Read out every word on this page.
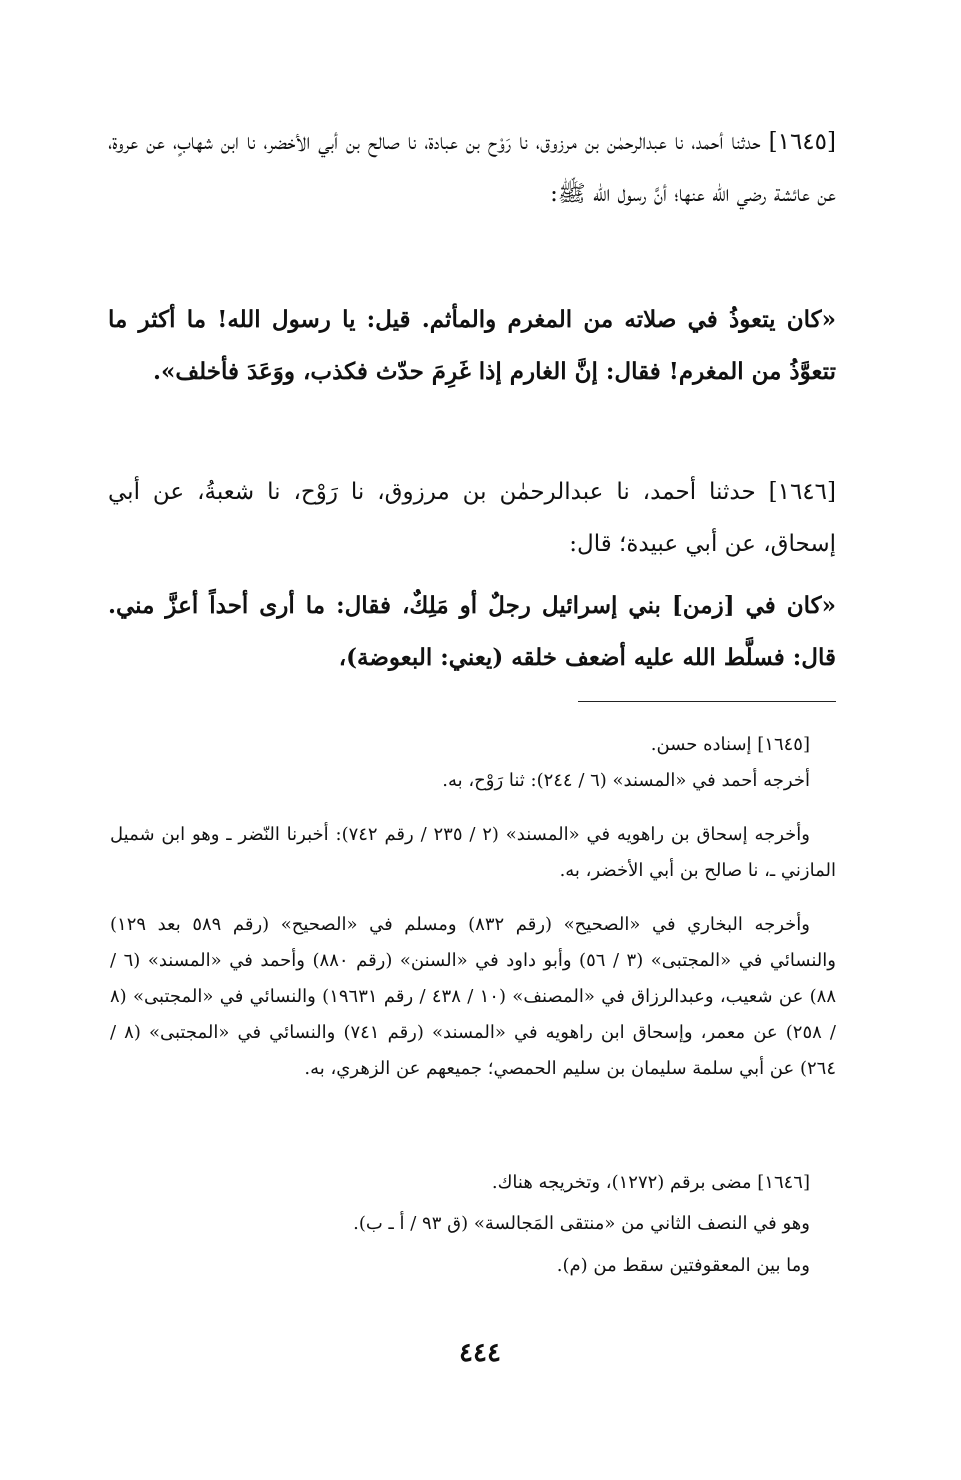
[١٦٤٥] حدثنا أحمد، نا عبدالرحمٰن بن مرزوق، نا رَوْح بن عبادة، نا صالح بن أبي الأخضر، نا ابن شهابٍ، عن عروة، عن عائشة رضي الله عنها؛ أنَّ رسول الله ﷺ:

«كان يتعوذُ في صلاته من المغرم والمأثم. قيل: يا رسول الله! ما أكثر ما تتعوَّذُ من المغرم! فقال: إنَّ الغارم إذا غَرِمَ حدّث فكذب، ووَعَدَ فأخلف».

[١٦٤٦] حدثنا أحمد، نا عبدالرحمٰن بن مرزوق، نا رَوْح، نا شعبةُ، عن أبي إسحاق، عن أبي عبيدة؛ قال:

«كان في [زمن] بني إسرائيل رجلٌ أو مَلِكٌ، فقال: ما أرى أحداً أعزَّ مني. قال: فسلَّط الله عليه أضعف خلقه (يعني: البعوضة)،

[١٦٤٥] إسناده حسن.

أخرجه أحمد في «المسند» (٦ / ٢٤٤): ثنا رَوْح، به.

وأخرجه إسحاق بن راهويه في «المسند» (٢ / ٢٣٥ / رقم ٧٤٢): أخبرنا النّضر ـ وهو ابن شميل المازني ـ، نا صالح بن أبي الأخضر، به.

وأخرجه البخاري في «الصحيح» (رقم ٨٣٢) ومسلم في «الصحيح» (رقم ٥٨٩ بعد ١٢٩) والنسائي في «المجتبى» (٣ / ٥٦) وأبو داود في «السنن» (رقم ٨٨٠) وأحمد في «المسند» (٦ / ٨٨) عن شعيب، وعبدالرزاق في «المصنف» (١٠ / ٤٣٨ / رقم ١٩٦٣١) والنسائي في «المجتبى» (٨ / ٢٥٨) عن معمر، وإسحاق ابن راهويه في «المسند» (رقم ٧٤١) والنسائي في «المجتبى» (٨ / ٢٦٤) عن أبي سلمة سليمان بن سليم الحمصي؛ جميعهم عن الزهري، به.

[١٦٤٦] مضى برقم (١٢٧٢)، وتخريجه هناك.

وهو في النصف الثاني من «منتقى المَجالسة» (ق ٩٣ / أ ـ ب).

وما بين المعقوفتين سقط من (م).

٤٤٤
